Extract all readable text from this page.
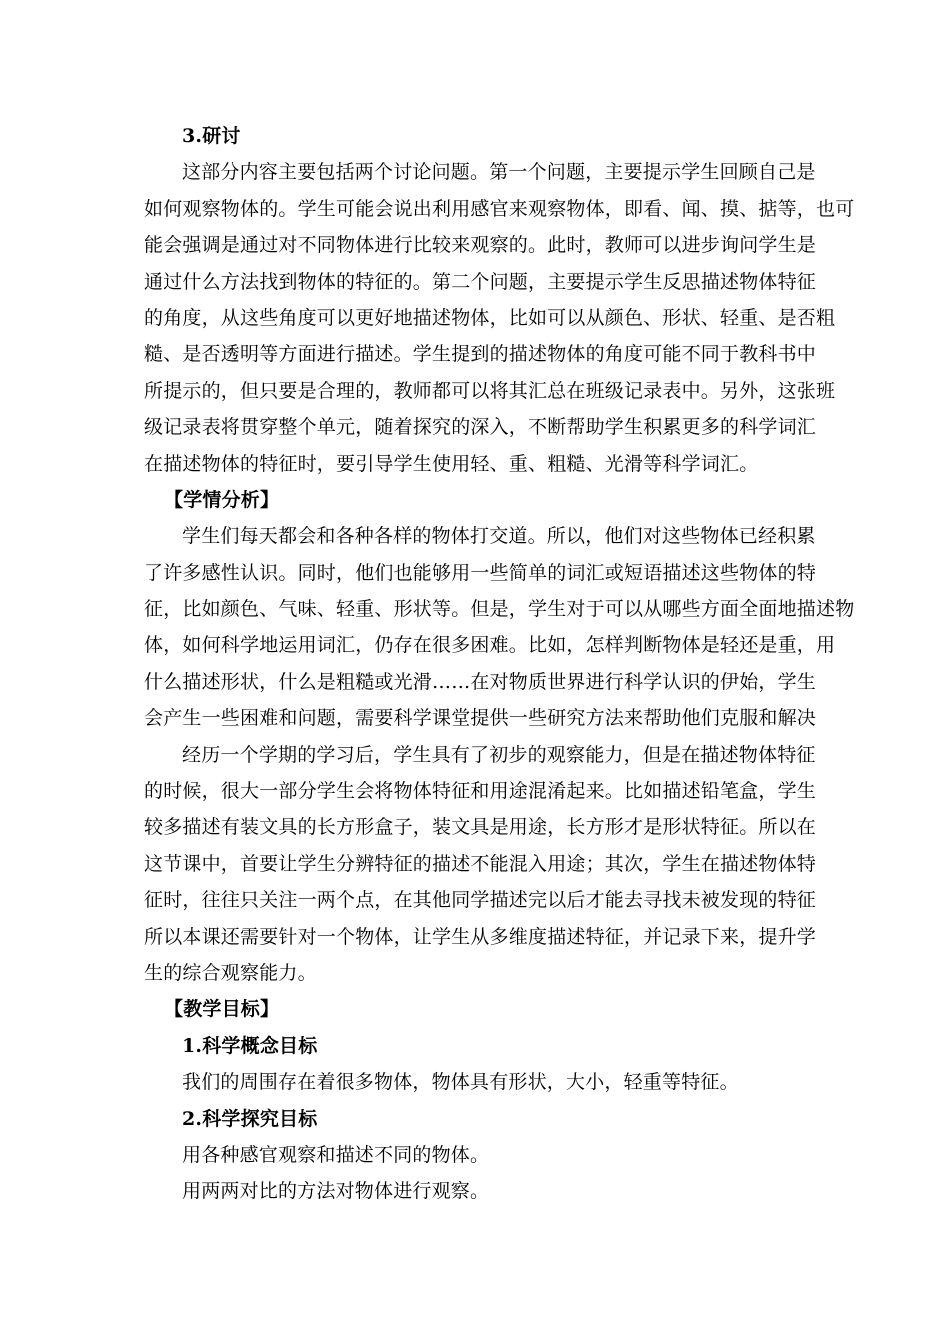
3.研讨
这部分内容主要包括两个讨论问题。第一个问题，主要提示学生回顾自己是
如何观察物体的。学生可能会说出利用感官来观察物体，即看、闻、摸、掂等，也可
能会强调是通过对不同物体进行比较来观察的。此时，教师可以进步询问学生是
通过什么方法找到物体的特征的。第二个问题，主要提示学生反思描述物体特征
的角度，从这些角度可以更好地描述物体，比如可以从颜色、形状、轻重、是否粗
糙、是否透明等方面进行描述。学生提到的描述物体的角度可能不同于教科书中
所提示的，但只要是合理的，教师都可以将其汇总在班级记录表中。另外，这张班
级记录表将贯穿整个单元，随着探究的深入，不断帮助学生积累更多的科学词汇
在描述物体的特征时，要引导学生使用轻、重、粗糙、光滑等科学词汇。
【学情分析】
学生们每天都会和各种各样的物体打交道。所以，他们对这些物体已经积累
了许多感性认识。同时，他们也能够用一些简单的词汇或短语描述这些物体的特
征，比如颜色、气味、轻重、形状等。但是，学生对于可以从哪些方面全面地描述物
体，如何科学地运用词汇，仍存在很多困难。比如，怎样判断物体是轻还是重，用
什么描述形状，什么是粗糙或光滑……在对物质世界进行科学认识的伊始，学生
会产生一些困难和问题，需要科学课堂提供一些研究方法来帮助他们克服和解决
经历一个学期的学习后，学生具有了初步的观察能力，但是在描述物体特征
的时候，很大一部分学生会将物体特征和用途混淆起来。比如描述铅笔盒，学生
较多描述有装文具的长方形盒子，装文具是用途，长方形才是形状特征。所以在
这节课中，首要让学生分辨特征的描述不能混入用途；其次，学生在描述物体特
征时，往往只关注一两个点，在其他同学描述完以后才能去寻找未被发现的特征
所以本课还需要针对一个物体，让学生从多维度描述特征，并记录下来，提升学
生的综合观察能力。
【教学目标】
1.科学概念目标
我们的周围存在着很多物体，物体具有形状，大小，轻重等特征。
2.科学探究目标
用各种感官观察和描述不同的物体。
用两两对比的方法对物体进行观察。
